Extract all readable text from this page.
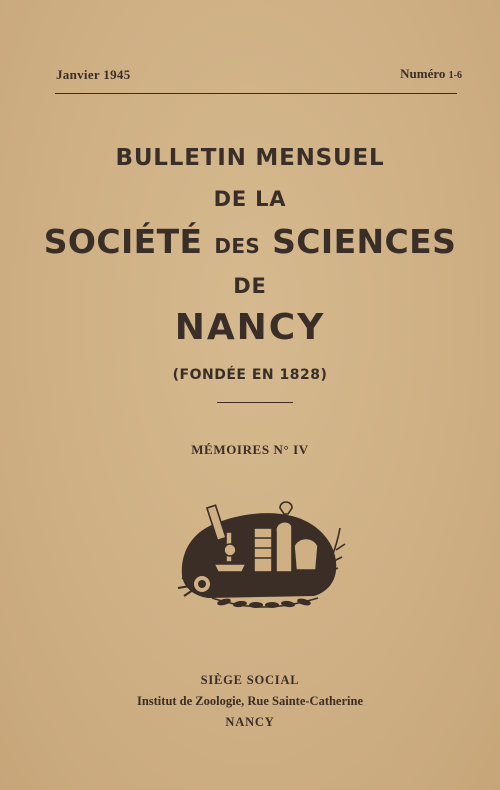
Janvier 1945	Numéro 1-6
BULLETIN MENSUEL
DE LA
SOCIÉTÉ DES SCIENCES
DE
NANCY
(FONDÉE EN 1828)
MÉMOIRES N° IV
SIÈGE SOCIAL
Institut de Zoologie, Rue Sainte-Catherine
NANCY
